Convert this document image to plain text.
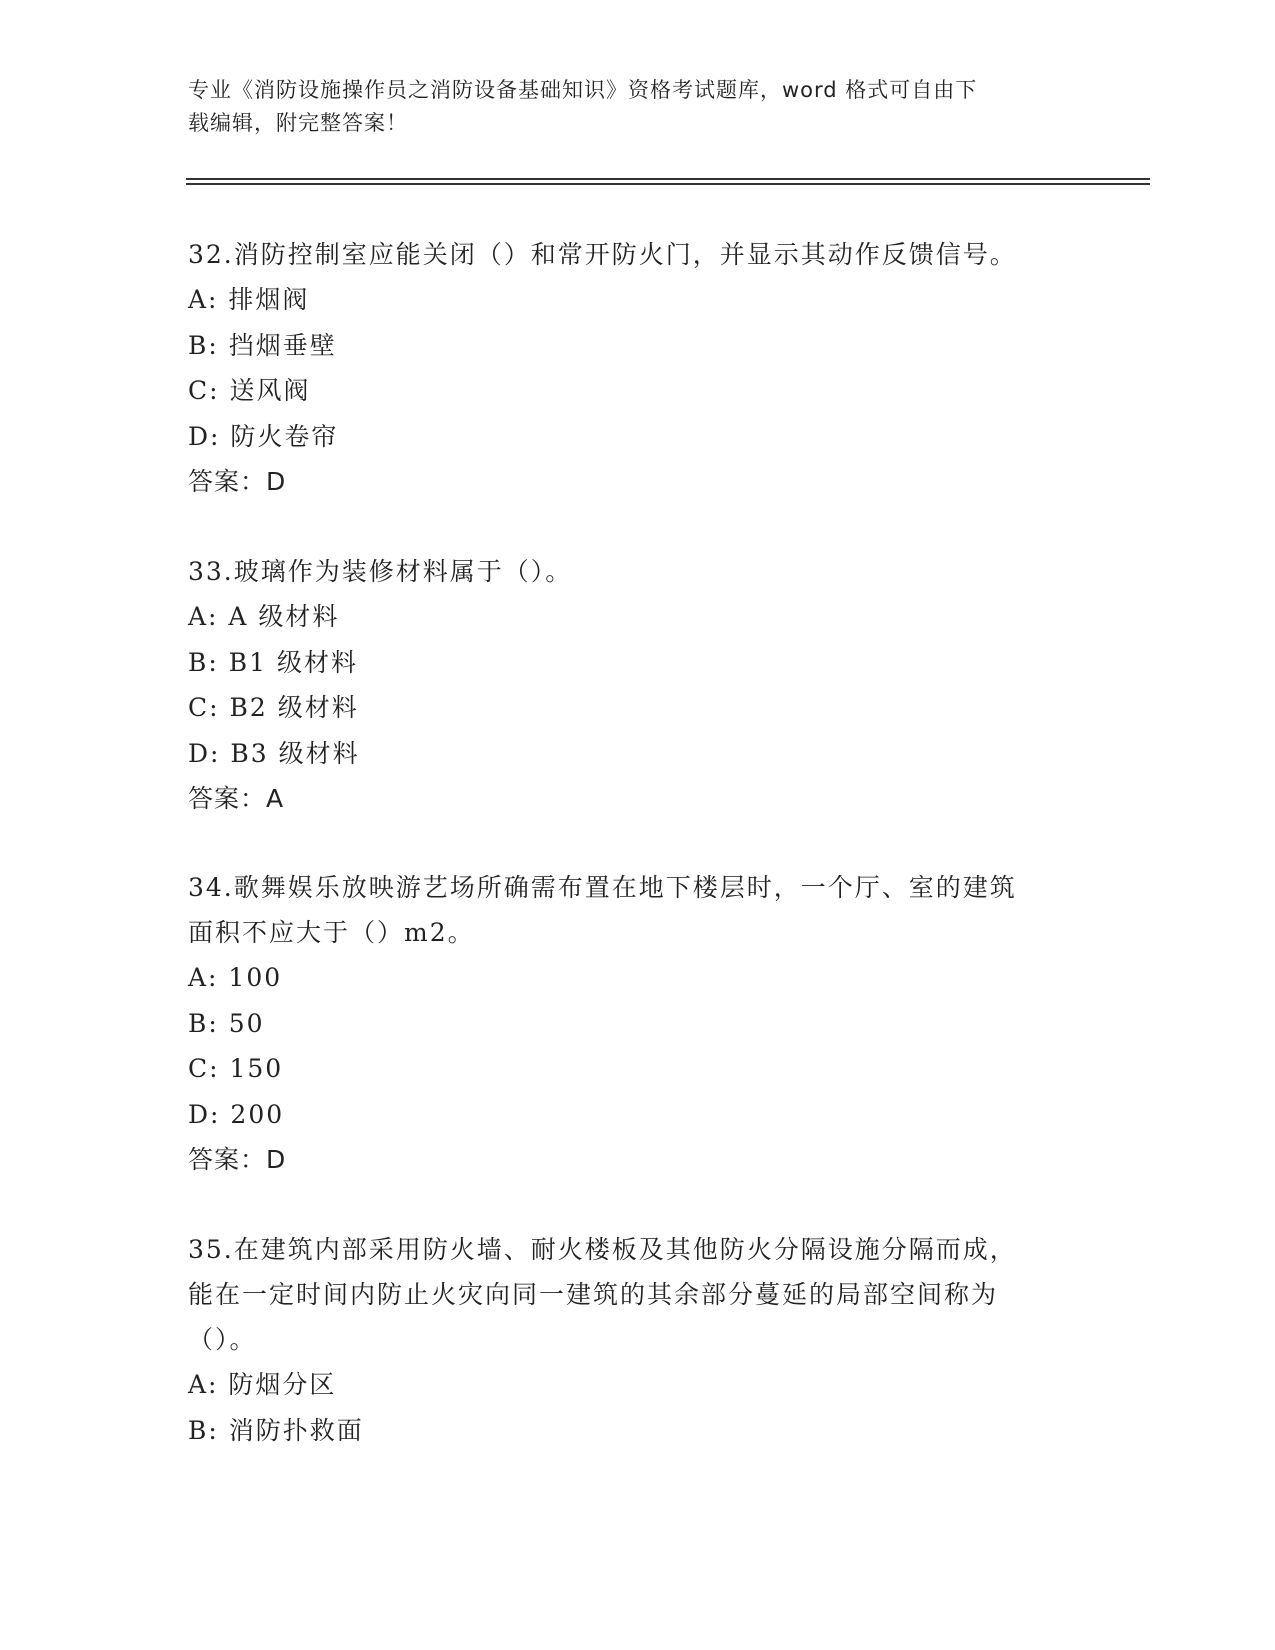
专业《消防设施操作员之消防设备基础知识》资格考试题库，word 格式可自由下
载编辑，附完整答案！
32.消防控制室应能关闭（）和常开防火门，并显示其动作反馈信号。
A: 排烟阀
B: 挡烟垂壁
C: 送风阀
D: 防火卷帘
答案：D
33.玻璃作为装修材料属于（）。
A: A 级材料
B: B1 级材料
C: B2 级材料
D: B3 级材料
答案：A
34.歌舞娱乐放映游艺场所确需布置在地下楼层时，一个厅、室的建筑
面积不应大于（）m2。
A: 100
B: 50
C: 150
D: 200
答案：D
35.在建筑内部采用防火墙、耐火楼板及其他防火分隔设施分隔而成，
能在一定时间内防止火灾向同一建筑的其余部分蔓延的局部空间称为
（）。
A: 防烟分区
B: 消防扑救面
